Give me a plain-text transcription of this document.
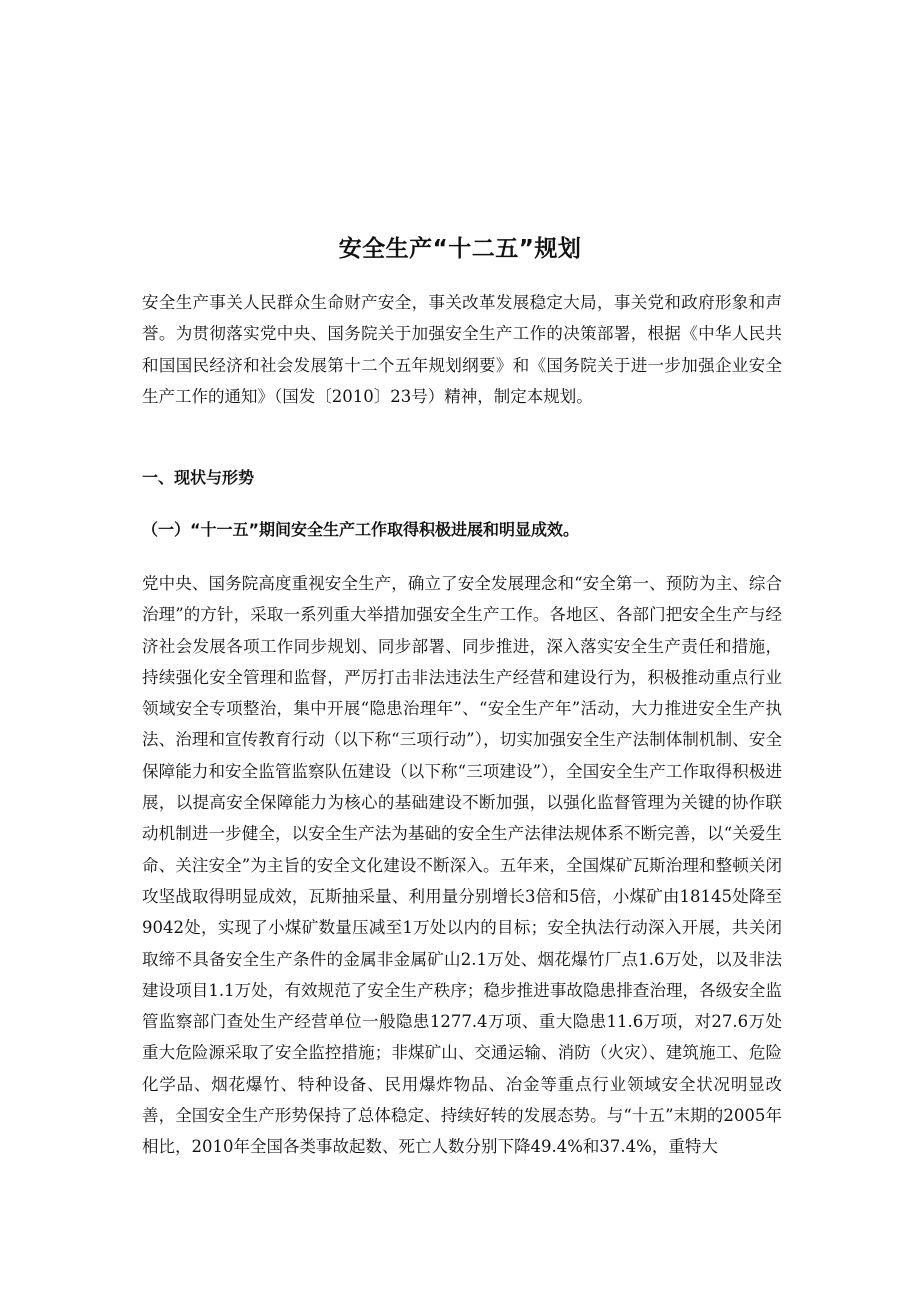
安全生产“十二五”规划

安全生产事关人民群众生命财产安全，事关改革发展稳定大局，事关党和政府形象和声誉。为贯彻落实党中央、国务院关于加强安全生产工作的决策部署，根据《中华人民共和国国民经济和社会发展第十二个五年规划纲要》和《国务院关于进一步加强企业安全生产工作的通知》（国发〔2010〕23号）精神，制定本规划。

一、现状与形势
（一）“十一五”期间安全生产工作取得积极进展和明显成效。

党中央、国务院高度重视安全生产，确立了安全发展理念和“安全第一、预防为主、综合治理”的方针，采取一系列重大举措加强安全生产工作。各地区、各部门把安全生产与经济社会发展各项工作同步规划、同步部署、同步推进，深入落实安全生产责任和措施，持续强化安全管理和监督，严厉打击非法违法生产经营和建设行为，积极推动重点行业领域安全专项整治，集中开展“隐患治理年”、“安全生产年”活动，大力推进安全生产执法、治理和宣传教育行动（以下称“三项行动”），切实加强安全生产法制体制机制、安全保障能力和安全监管监察队伍建设（以下称“三项建设”），全国安全生产工作取得积极进展，以提高安全保障能力为核心的基础建设不断加强，以强化监督管理为关键的协作联动机制进一步健全，以安全生产法为基础的安全生产法律法规体系不断完善，以“关爱生命、关注安全”为主旨的安全文化建设不断深入。五年来，全国煤矿瓦斯治理和整顿关闭攻坚战取得明显成效，瓦斯抽采量、利用量分别增长3倍和5倍，小煤矿由18145处降至9042处，实现了小煤矿数量压减至1万处以内的目标；安全执法行动深入开展，共关闭取缔不具备安全生产条件的金属非金属矿山2.1万处、烟花爆竹厂点1.6万处，以及非法建设项目1.1万处，有效规范了安全生产秩序；稳步推进事故隐患排查治理，各级安全监管监察部门查处生产经营单位一般隐患1277.4万项、重大隐患11.6万项，对27.6万处重大危险源采取了安全监控措施；非煤矿山、交通运输、消防（火灾）、建筑施工、危险化学品、烟花爆竹、特种设备、民用爆炸物品、冶金等重点行业领域安全状况明显改善，全国安全生产形势保持了总体稳定、持续好转的发展态势。与“十五”末期的2005年相比，2010年全国各类事故起数、死亡人数分别下降49.4%和37.4%，重特大
